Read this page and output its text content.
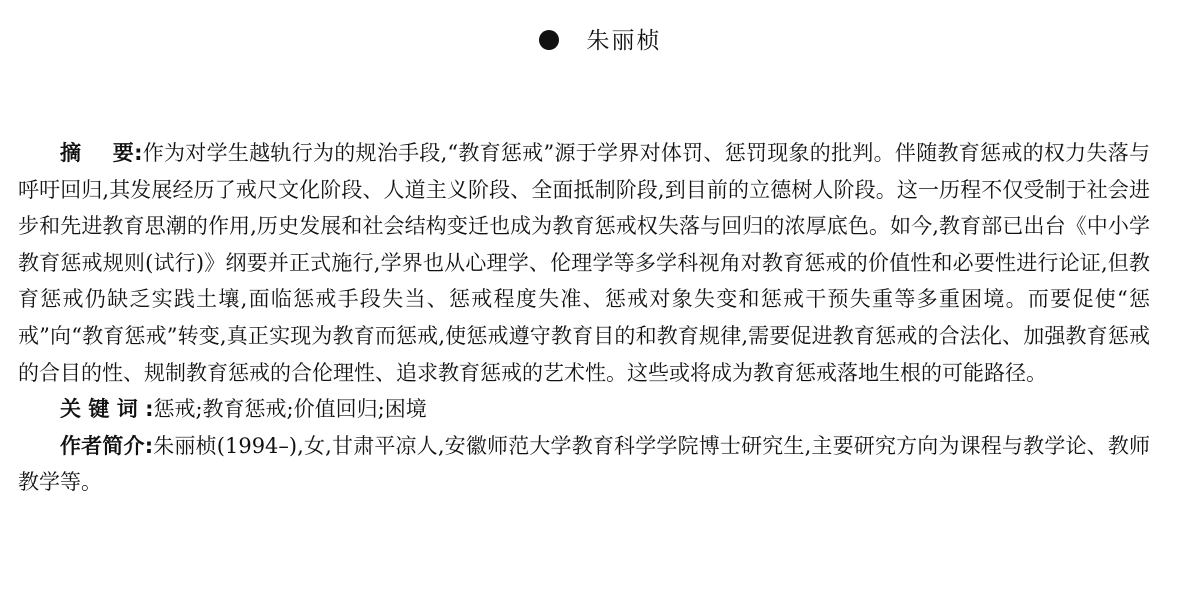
朱丽桢

摘要:作为对学生越轨行为的规治手段,“教育惩戒”源于学界对体罚、惩罚现象的批判。伴随教育惩戒的权力失落与呼吁回归,其发展经历了戒尺文化阶段、人道主义阶段、全面抵制阶段,到目前的立德树人阶段。这一历程不仅受制于社会进步和先进教育思潮的作用,历史发展和社会结构变迁也成为教育惩戒权失落与回归的浓厚底色。如今,教育部已出台《中小学教育惩戒规则(试行)》纲要并正式施行,学界也从心理学、伦理学等多学科视角对教育惩戒的价值性和必要性进行论证,但教育惩戒仍缺乏实践土壤,面临惩戒手段失当、惩戒程度失准、惩戒对象失变和惩戒干预失重等多重困境。而要促使“惩戒”向“教育惩戒”转变,真正实现为教育而惩戒,使惩戒遵守教育目的和教育规律,需要促进教育惩戒的合法化、加强教育惩戒的合目的性、规制教育惩戒的合伦理性、追求教育惩戒的艺术性。这些或将成为教育惩戒落地生根的可能路径。

关键词:惩戒;教育惩戒;价值回归;困境

作者简介:朱丽桢(1994–),女,甘肃平凉人,安徽师范大学教育科学学院博士研究生,主要研究方向为课程与教学论、教师教学等。
